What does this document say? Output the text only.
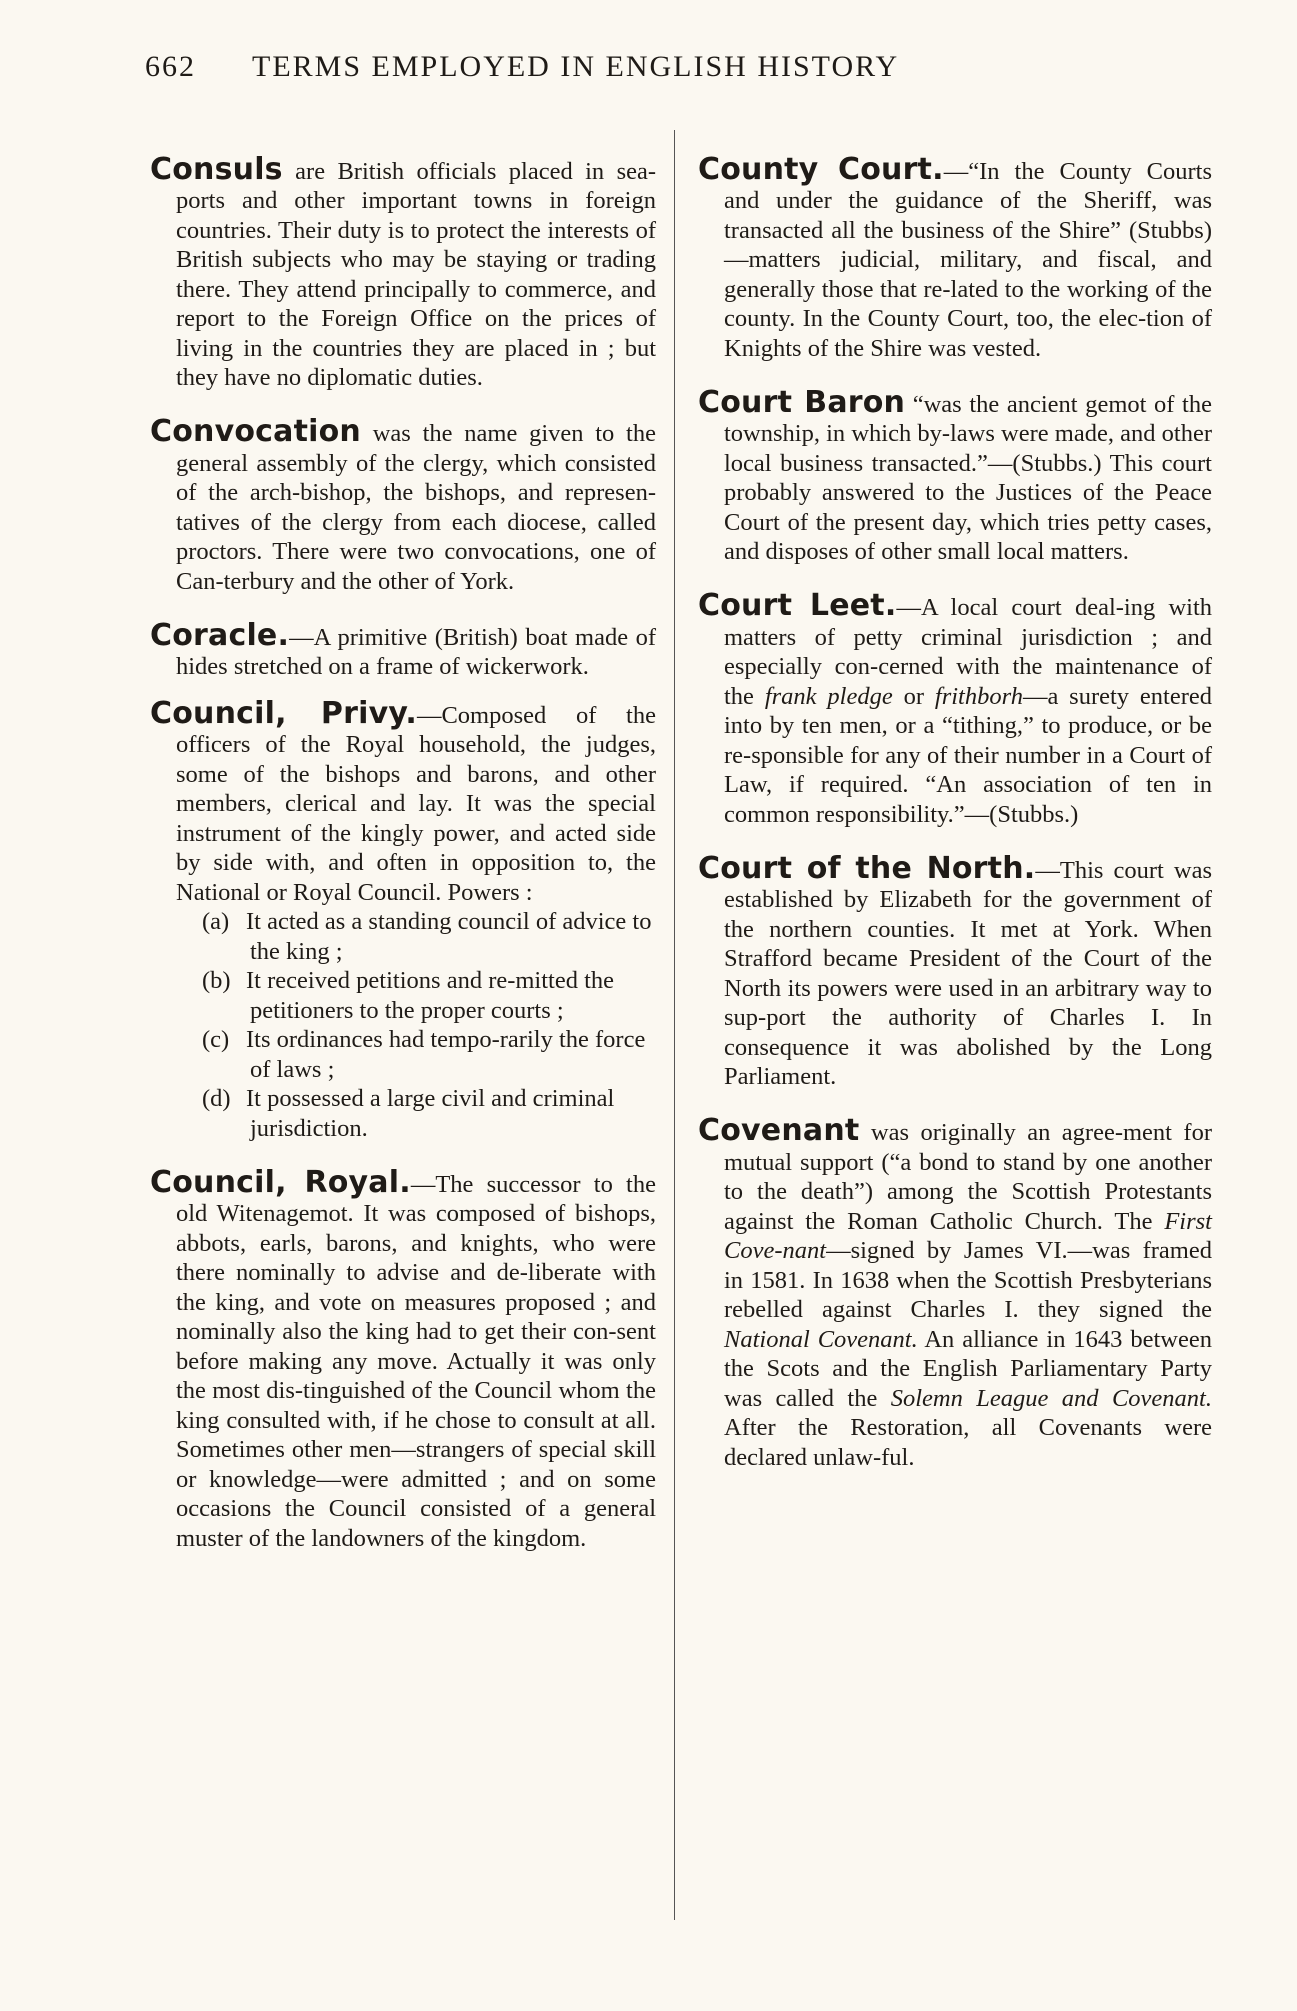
662 TERMS EMPLOYED IN ENGLISH HISTORY

Consuls are British officials placed in sea-ports and other important towns in foreign countries. Their duty is to protect the interests of British subjects who may be staying or trading there. They attend principally to commerce, and report to the Foreign Office on the prices of living in the countries they are placed in ; but they have no diplomatic duties.

Convocation was the name given to the general assembly of the clergy, which consisted of the arch-bishop, the bishops, and represen-tatives of the clergy from each diocese, called proctors. There were two convocations, one of Can-terbury and the other of York.

Coracle.—A primitive (British) boat made of hides stretched on a frame of wickerwork.

Council, Privy.—Composed of the officers of the Royal household, the judges, some of the bishops and barons, and other members, clerical and lay. It was the special instrument of the kingly power, and acted side by side with, and often in opposition to, the National or Royal Council. Powers :
(a) It acted as a standing council of advice to the king ;
(b) It received petitions and re-mitted the petitioners to the proper courts ;
(c) Its ordinances had tempo-rarily the force of laws ;
(d) It possessed a large civil and criminal jurisdiction.

Council, Royal.—The successor to the old Witenagemot. It was composed of bishops, abbots, earls, barons, and knights, who were there nominally to advise and de-liberate with the king, and vote on measures proposed ; and nominally also the king had to get their con-sent before making any move. Actually it was only the most dis-tinguished of the Council whom the king consulted with, if he chose to consult at all. Sometimes other men—strangers of special skill or knowledge—were admitted ; and on some occasions the Council consisted of a general muster of the landowners of the kingdom.

County Court.—“In the County Courts and under the guidance of the Sheriff, was transacted all the business of the Shire” (Stubbs)—matters judicial, military, and fiscal, and generally those that re-lated to the working of the county. In the County Court, too, the elec-tion of Knights of the Shire was vested.

Court Baron “was the ancient gemot of the township, in which by-laws were made, and other local business transacted.”—(Stubbs.) This court probably answered to the Justices of the Peace Court of the present day, which tries petty cases, and disposes of other small local matters.

Court Leet.—A local court deal-ing with matters of petty criminal jurisdiction ; and especially con-cerned with the maintenance of the frank pledge or frithborh—a surety entered into by ten men, or a “tithing,” to produce, or be re-sponsible for any of their number in a Court of Law, if required. “An association of ten in common responsibility.”—(Stubbs.)

Court of the North.—This court was established by Elizabeth for the government of the northern counties. It met at York. When Strafford became President of the Court of the North its powers were used in an arbitrary way to sup-port the authority of Charles I. In consequence it was abolished by the Long Parliament.

Covenant was originally an agree-ment for mutual support (“a bond to stand by one another to the death”) among the Scottish Protestants against the Roman Catholic Church. The First Cove-nant—signed by James VI.—was framed in 1581. In 1638 when the Scottish Presbyterians rebelled against Charles I. they signed the National Covenant. An alliance in 1643 between the Scots and the English Parliamentary Party was called the Solemn League and Covenant. After the Restoration, all Covenants were declared unlaw-ful.
